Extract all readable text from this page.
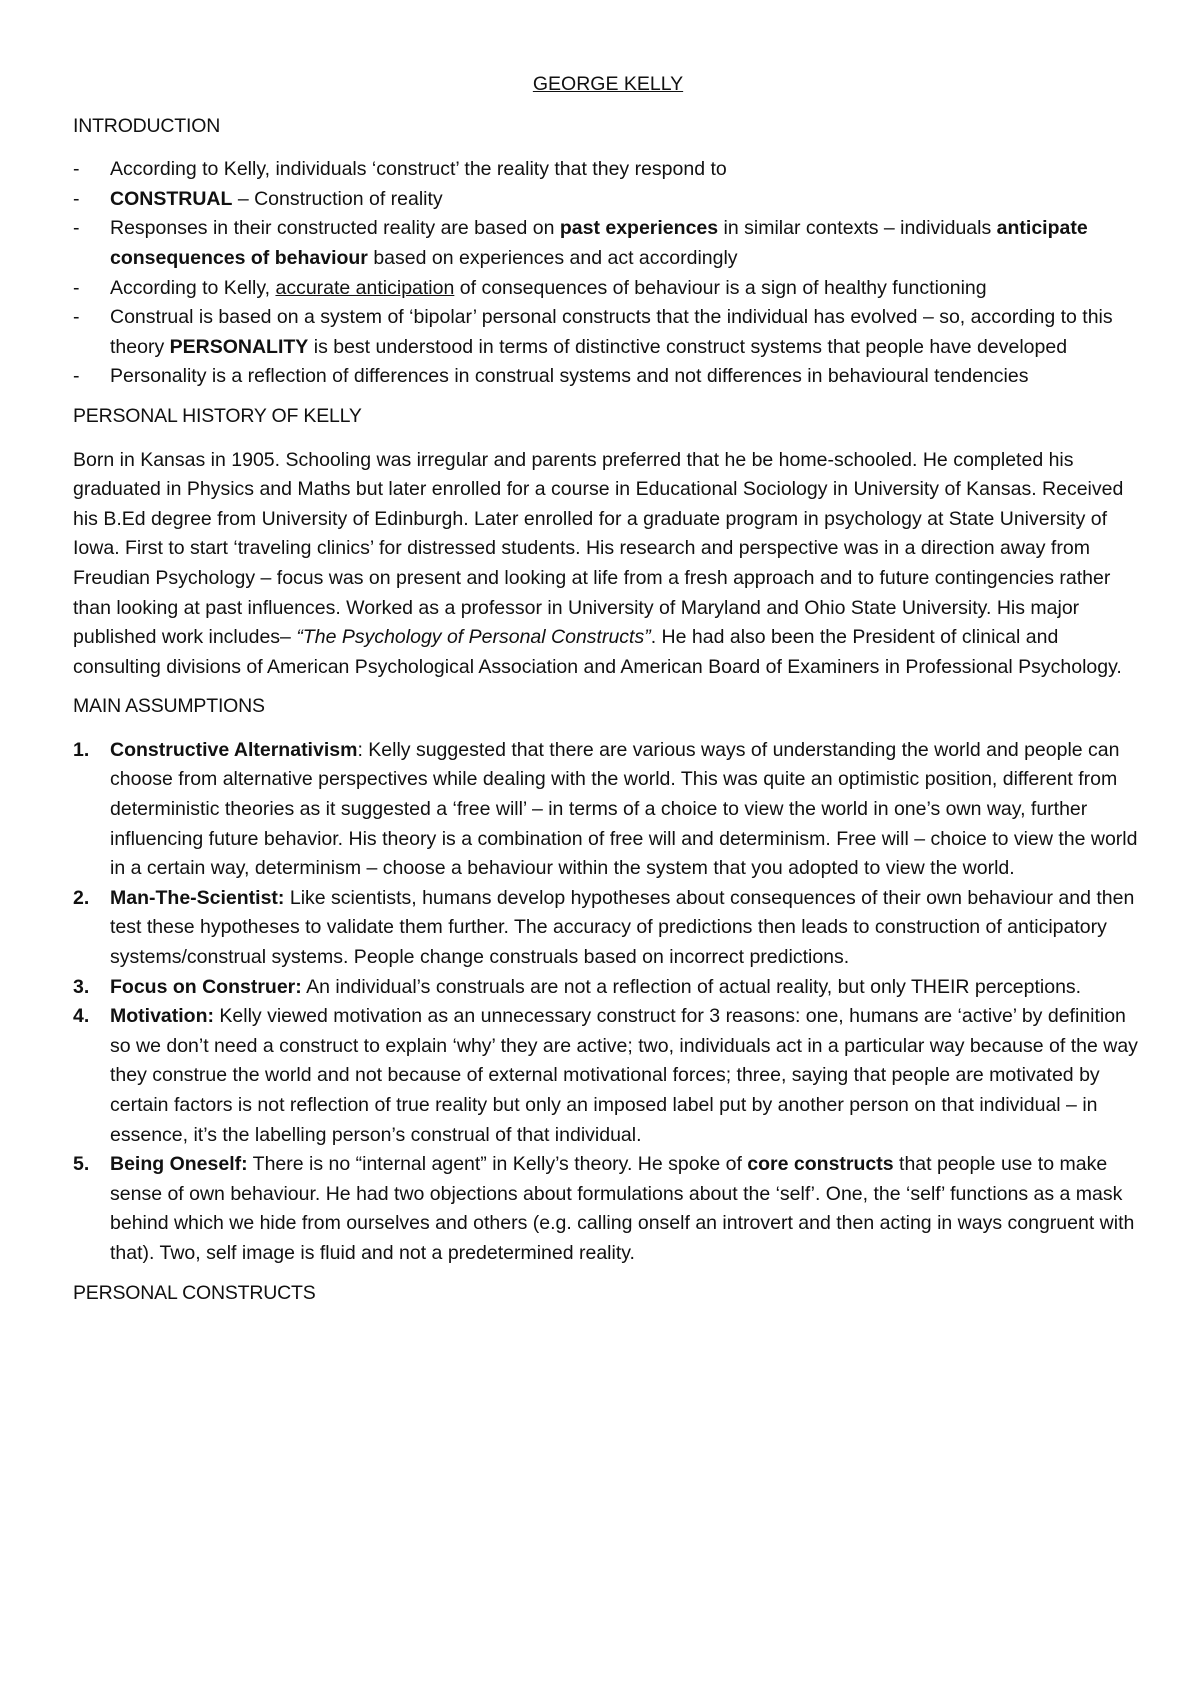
GEORGE KELLY
INTRODUCTION
- According to Kelly, individuals ‘construct’ the reality that they respond to
- CONSTRUAL – Construction of reality
- Responses in their constructed reality are based on past experiences in similar contexts – individuals anticipate consequences of behaviour based on experiences and act accordingly
- According to Kelly, accurate anticipation of consequences of behaviour is a sign of healthy functioning
- Construal is based on a system of ‘bipolar’ personal constructs that the individual has evolved – so, according to this theory PERSONALITY is best understood in terms of distinctive construct systems that people have developed
- Personality is a reflection of differences in construal systems and not differences in behavioural tendencies
PERSONAL HISTORY OF KELLY

Born in Kansas in 1905. Schooling was irregular and parents preferred that he be home-schooled. He completed his graduated in Physics and Maths but later enrolled for a course in Educational Sociology in University of Kansas. Received his B.Ed degree from University of Edinburgh. Later enrolled for a graduate program in psychology at State University of Iowa. First to start ‘traveling clinics’ for distressed students. His research and perspective was in a direction away from Freudian Psychology – focus was on present and looking at life from a fresh approach and to future contingencies rather than looking at past influences. Worked as a professor in University of Maryland and Ohio State University. His major published work includes– “The Psychology of Personal Constructs”. He had also been the President of clinical and consulting divisions of American Psychological Association and American Board of Examiners in Professional Psychology.

MAIN ASSUMPTIONS
1. Constructive Alternativism: Kelly suggested that there are various ways of understanding the world and people can choose from alternative perspectives while dealing with the world. This was quite an optimistic position, different from deterministic theories as it suggested a ‘free will’ – in terms of a choice to view the world in one’s own way, further influencing future behavior. His theory is a combination of free will and determinism. Free will – choice to view the world in a certain way, determinism – choose a behaviour within the system that you adopted to view the world.
2. Man-The-Scientist: Like scientists, humans develop hypotheses about consequences of their own behaviour and then test these hypotheses to validate them further. The accuracy of predictions then leads to construction of anticipatory systems/construal systems. People change construals based on incorrect predictions.
3. Focus on Construer: An individual’s construals are not a reflection of actual reality, but only THEIR perceptions.
4. Motivation: Kelly viewed motivation as an unnecessary construct for 3 reasons: one, humans are ‘active’ by definition so we don’t need a construct to explain ‘why’ they are active; two, individuals act in a particular way because of the way they construe the world and not because of external motivational forces; three, saying that people are motivated by certain factors is not reflection of true reality but only an imposed label put by another person on that individual – in essence, it’s the labelling person’s construal of that individual.
5. Being Oneself: There is no “internal agent” in Kelly’s theory. He spoke of core constructs that people use to make sense of own behaviour. He had two objections about formulations about the ‘self’. One, the ‘self’ functions as a mask behind which we hide from ourselves and others (e.g. calling onself an introvert and then acting in ways congruent with that). Two, self image is fluid and not a predetermined reality.
PERSONAL CONSTRUCTS
